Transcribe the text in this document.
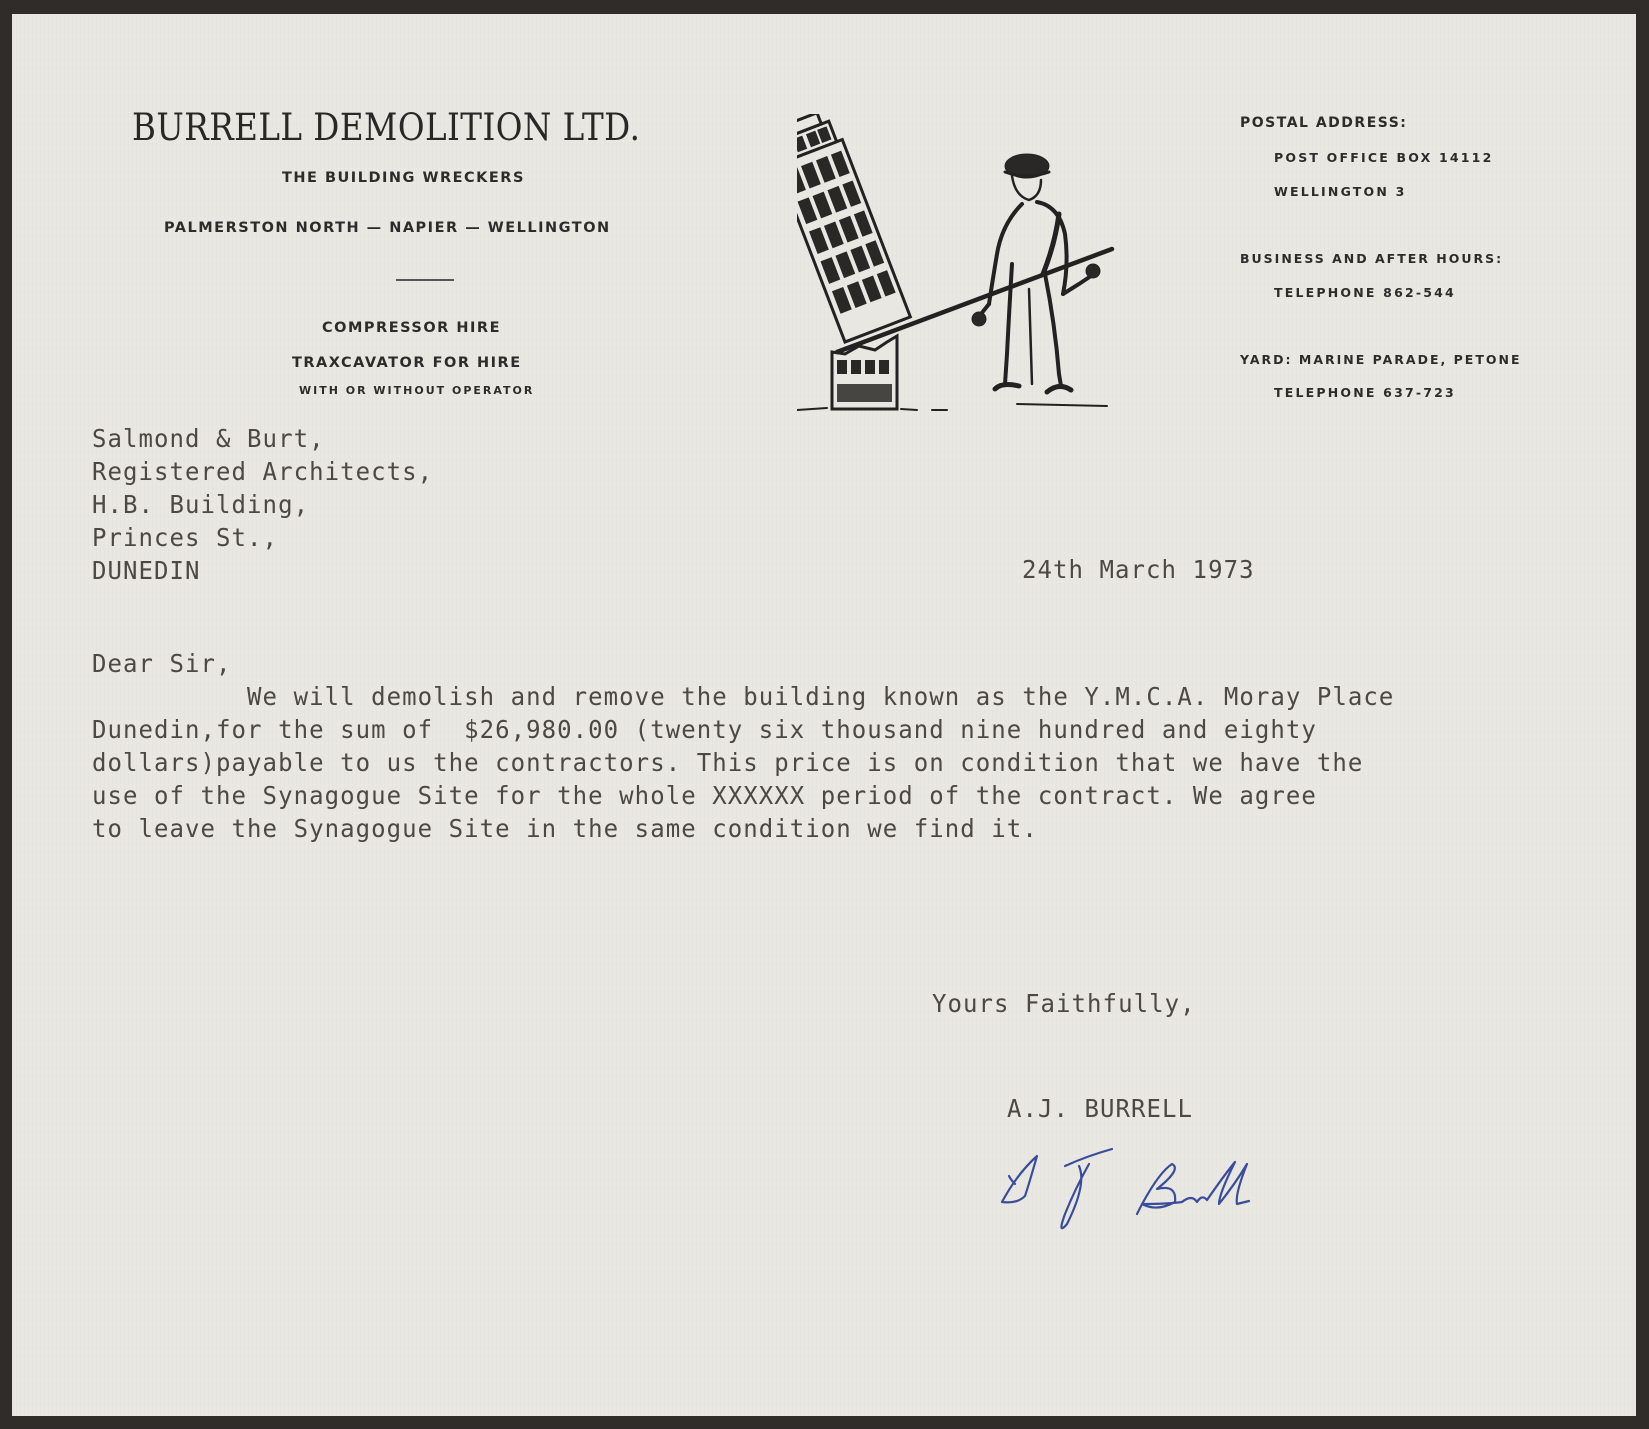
BURRELL DEMOLITION LTD.
THE BUILDING WRECKERS
PALMERSTON NORTH — NAPIER — WELLINGTON
COMPRESSOR HIRE
TRAXCAVATOR FOR HIRE
WITH OR WITHOUT OPERATOR
POSTAL ADDRESS:
POST OFFICE BOX 14112
WELLINGTON 3
BUSINESS AND AFTER HOURS:
TELEPHONE 862-544
YARD: MARINE PARADE, PETONE
TELEPHONE 637-723
Salmond & Burt,
Registered Architects,
H.B. Building,
Princes St.,
DUNEDIN	24th March 1973
Dear Sir,
We will demolish and remove the building known as the Y.M.C.A. Moray Place
Dunedin,for the sum of  $26,980.00 (twenty six thousand nine hundred and eighty
dollars)payable to us the contractors. This price is on condition that we have the
use of the Synagogue Site for the whole XXXXXX period of the contract. We agree
to leave the Synagogue Site in the same condition we find it.
Yours Faithfully,
A.J. BURRELL
